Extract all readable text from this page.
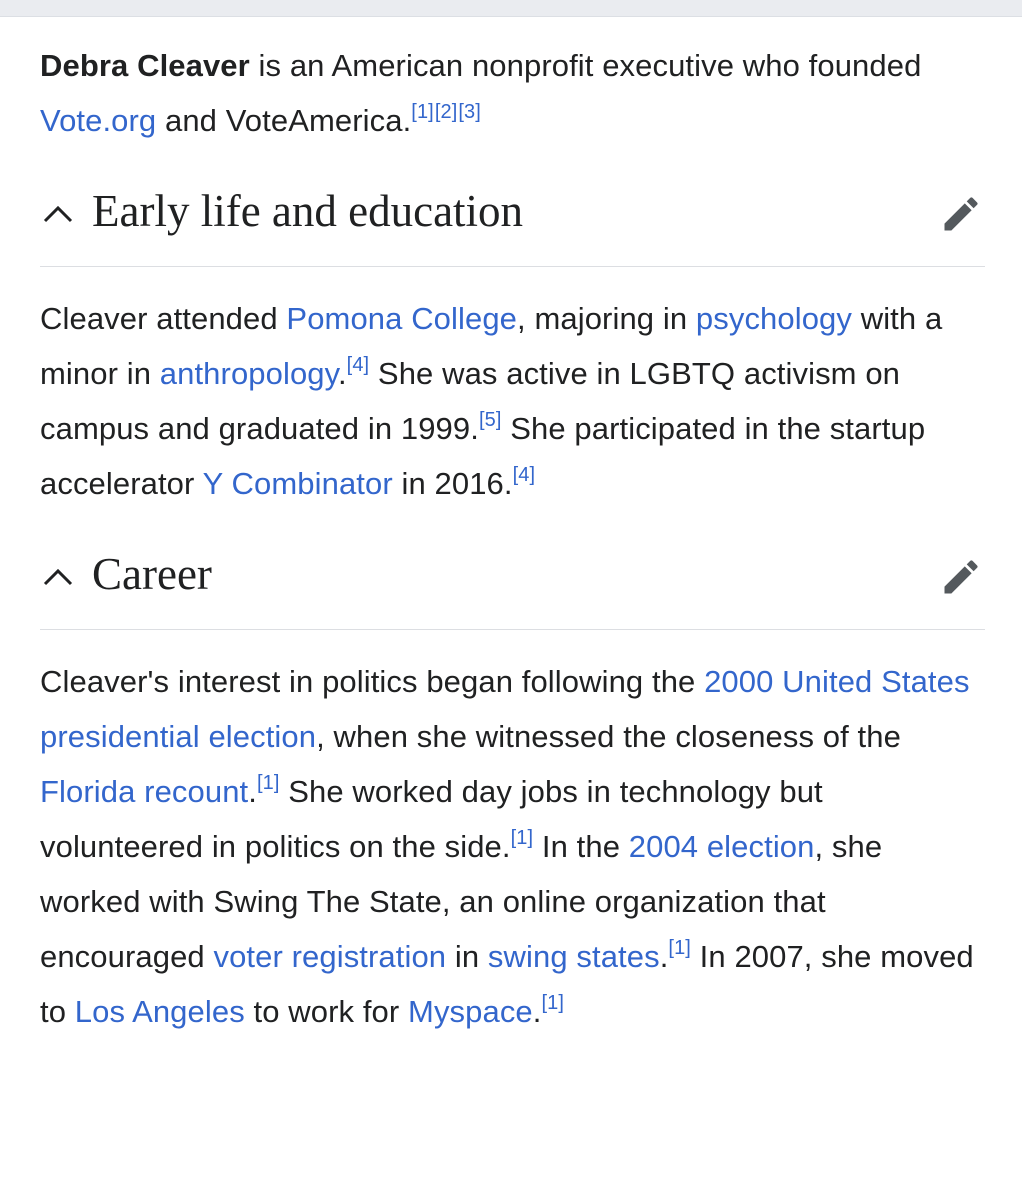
Debra Cleaver is an American nonprofit executive who founded Vote.org and VoteAmerica.[1][2][3]

Early life and education

Cleaver attended Pomona College, majoring in psychology with a minor in anthropology.[4] She was active in LGBTQ activism on campus and graduated in 1999.[5] She participated in the startup accelerator Y Combinator in 2016.[4]

Career

Cleaver's interest in politics began following the 2000 United States presidential election, when she witnessed the closeness of the Florida recount.[1] She worked day jobs in technology but volunteered in politics on the side.[1] In the 2004 election, she worked with Swing The State, an online organization that encouraged voter registration in swing states.[1] In 2007, she moved to Los Angeles to work for Myspace.[1]
